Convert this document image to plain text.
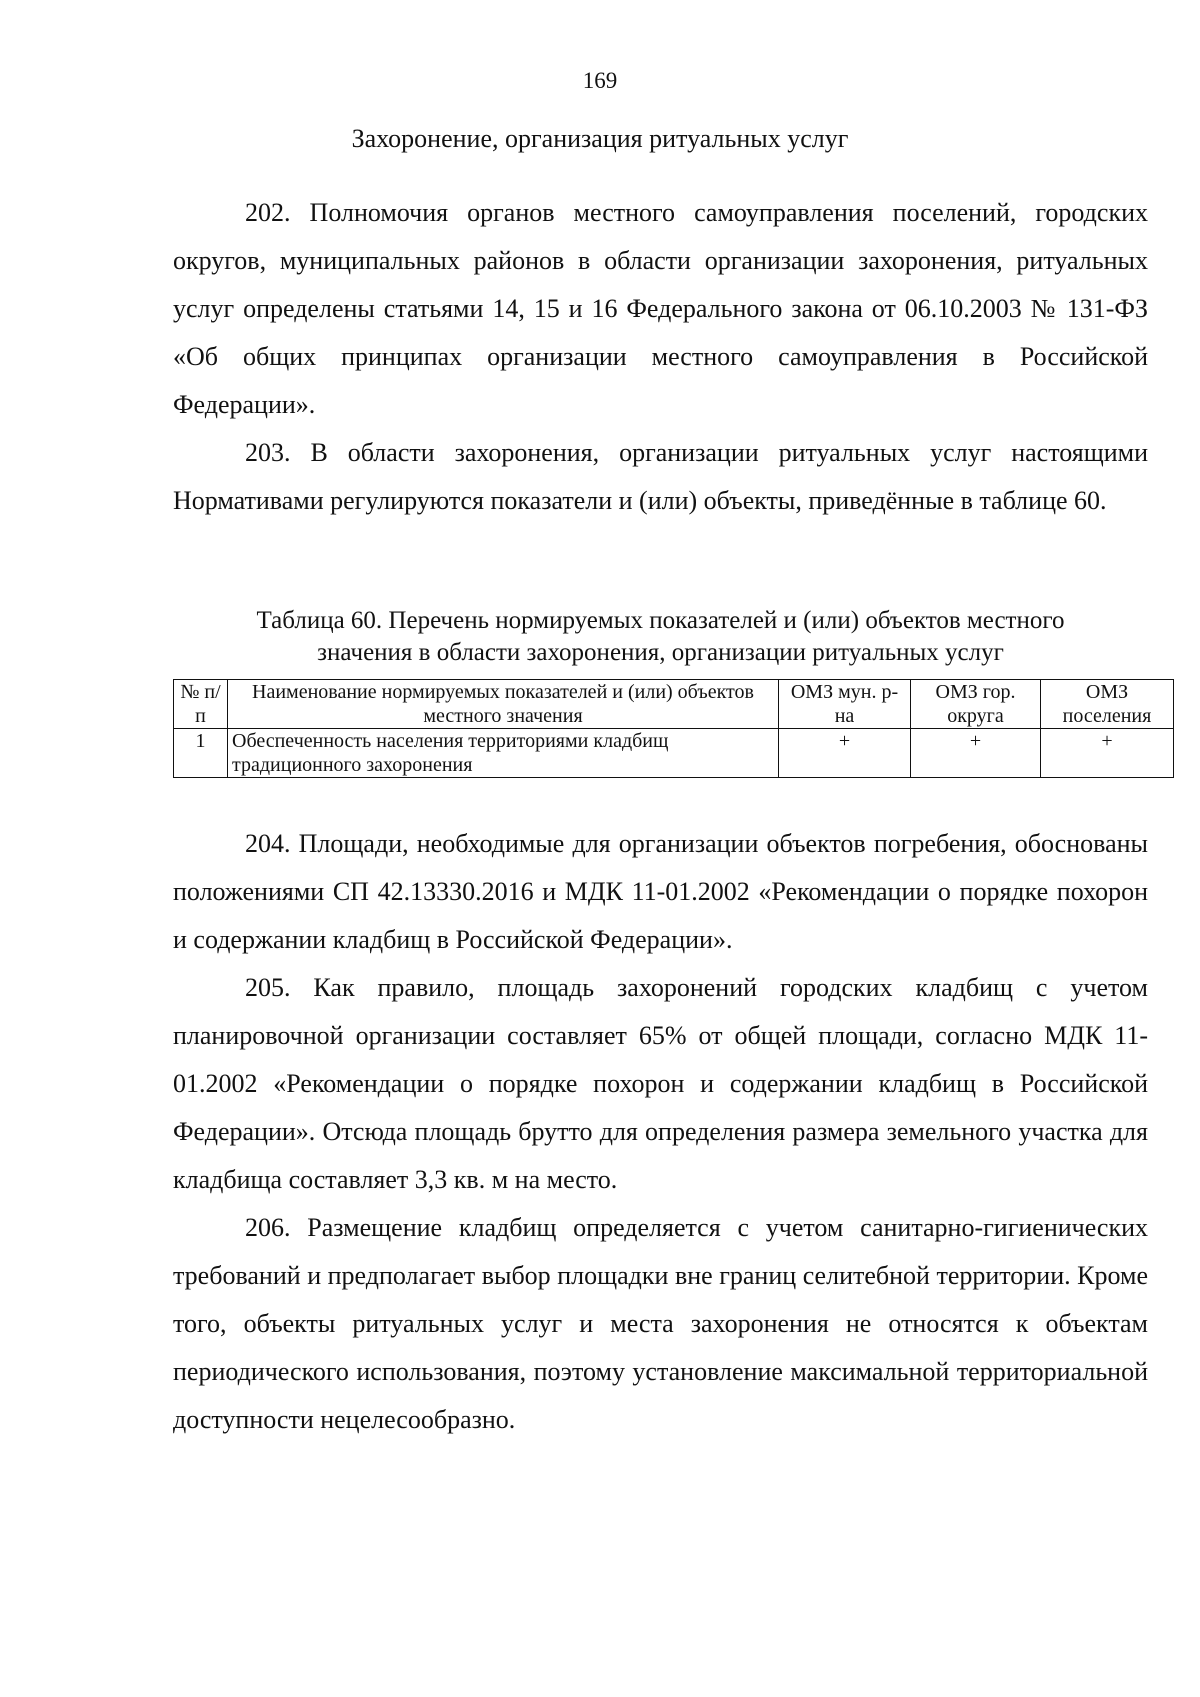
169
Захоронение, организация ритуальных услуг

202. Полномочия органов местного самоуправления поселений, городских округов, муниципальных районов в области организации захоронения, ритуальных услуг определены статьями 14, 15 и 16 Федерального закона от 06.10.2003 № 131-ФЗ «Об общих принципах организации местного самоуправления в Российской Федерации».

203. В области захоронения, организации ритуальных услуг настоящими Нормативами регулируются показатели и (или) объекты, приведённые в таблице 60.

Таблица 60. Перечень нормируемых показателей и (или) объектов местного
значения в области захоронения, организации ритуальных услуг
№ п/п	Наименование нормируемых показателей и (или) объектов местного значения	ОМЗ мун. р-на	ОМЗ гор. округа	ОМЗ поселения
1	Обеспеченность населения территориями кладбищ традиционного захоронения	+	+	+

204. Площади, необходимые для организации объектов погребения, обоснованы положениями СП 42.13330.2016 и МДК 11-01.2002 «Рекомендации о порядке похорон и содержании кладбищ в Российской Федерации».

205. Как правило, площадь захоронений городских кладбищ с учетом планировочной организации составляет 65% от общей площади, согласно МДК 11-01.2002 «Рекомендации о порядке похорон и содержании кладбищ в Российской Федерации». Отсюда площадь брутто для определения размера земельного участка для кладбища составляет 3,3 кв. м на место.

206. Размещение кладбищ определяется с учетом санитарно-гигиенических требований и предполагает выбор площадки вне границ селитебной территории. Кроме того, объекты ритуальных услуг и места захоронения не относятся к объектам периодического использования, поэтому установление максимальной территориальной доступности нецелесообразно.
